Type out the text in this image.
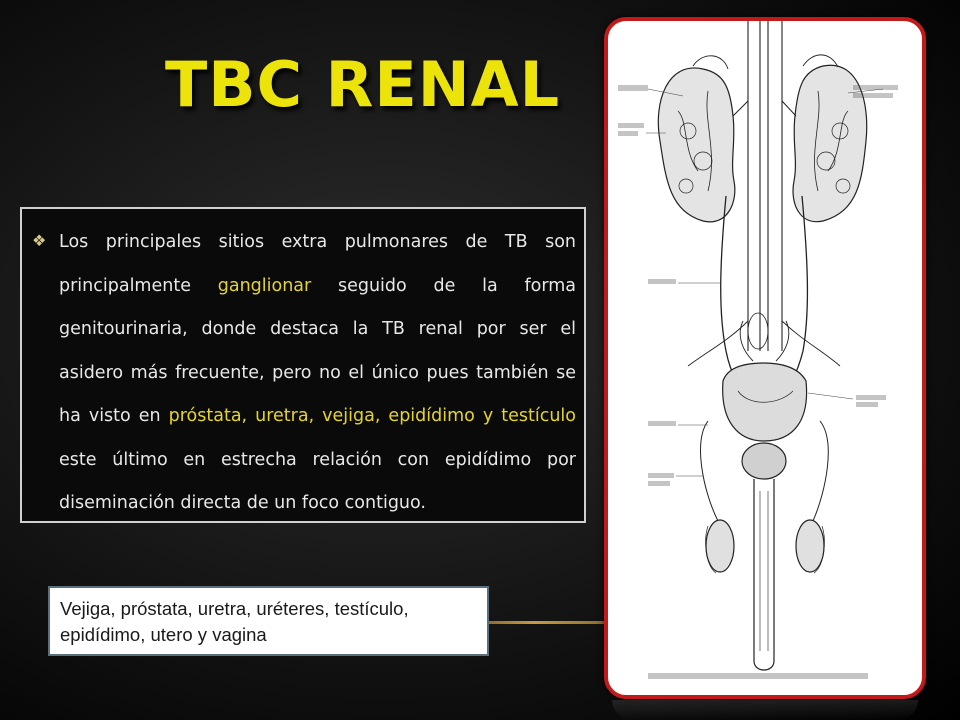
TBC RENAL
❖ Los principales sitios extra pulmonares de TB son principalmente ganglionar seguido de la forma genitourinaria, donde destaca la TB renal por ser el asidero más frecuente, pero no el único pues también se ha visto en próstata, uretra, vejiga, epidídimo y testículo este último en estrecha relación con epidídimo por diseminación directa de un foco contiguo.

Vejiga, próstata, uretra, uréteres, testículo, epidídimo, utero y vagina
